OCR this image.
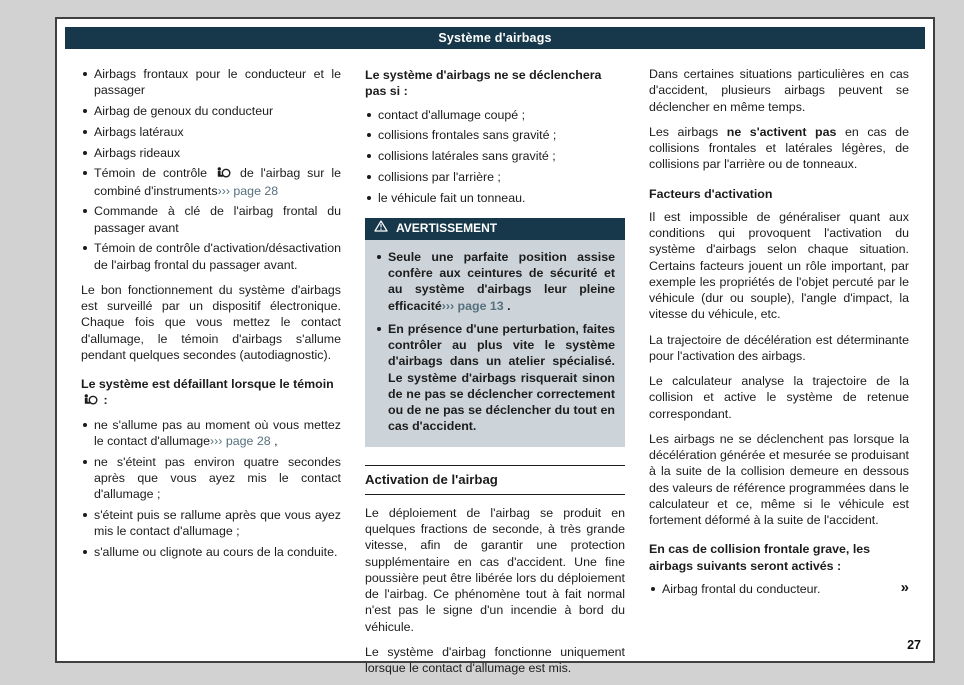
Système d'airbags
Airbags frontaux pour le conducteur et le passager
Airbag de genoux du conducteur
Airbags latéraux
Airbags rideaux
Témoin de contrôle  de l'airbag sur le combiné d'instruments››› page 28
Commande à clé de l'airbag frontal du passager avant
Témoin de contrôle d'activation/désactivation de l'airbag frontal du passager avant.

Le bon fonctionnement du système d'airbags est surveillé par un dispositif électronique. Chaque fois que vous mettez le contact d'allumage, le témoin d'airbags s'allume pendant quelques secondes (autodiagnostic).

Le système est défaillant lorsque le témoin  :

ne s'allume pas au moment où vous mettez le contact d'allumage››› page 28 ,
ne s'éteint pas environ quatre secondes après que vous ayez mis le contact d'allumage ;
s'éteint puis se rallume après que vous ayez mis le contact d'allumage ;
s'allume ou clignote au cours de la conduite.

Le système d'airbags ne se déclenchera pas si :

contact d'allumage coupé ;
collisions frontales sans gravité ;
collisions latérales sans gravité ;
collisions par l'arrière ;
le véhicule fait un tonneau.
AVERTISSEMENT
Seule une parfaite position assise confère aux ceintures de sécurité et au système d'airbags leur pleine efficacité››› page 13 .
En présence d'une perturbation, faites contrôler au plus vite le système d'airbags dans un atelier spécialisé. Le système d'airbags risquerait sinon de ne pas se déclencher correctement ou de ne pas se déclencher du tout en cas d'accident.
Activation de l'airbag

Le déploiement de l'airbag se produit en quelques fractions de seconde, à très grande vitesse, afin de garantir une protection supplémentaire en cas d'accident. Une fine poussière peut être libérée lors du déploiement de l'airbag. Ce phénomène tout à fait normal n'est pas le signe d'un incendie à bord du véhicule.

Le système d'airbag fonctionne uniquement lorsque le contact d'allumage est mis.

Dans certaines situations particulières en cas d'accident, plusieurs airbags peuvent se déclencher en même temps.

Les airbags ne s'activent pas en cas de collisions frontales et latérales légères, de collisions par l'arrière ou de tonneaux.

Facteurs d'activation

Il est impossible de généraliser quant aux conditions qui provoquent l'activation du système d'airbags selon chaque situation. Certains facteurs jouent un rôle important, par exemple les propriétés de l'objet percuté par le véhicule (dur ou souple), l'angle d'impact, la vitesse du véhicule, etc.

La trajectoire de décélération est déterminante pour l'activation des airbags.

Le calculateur analyse la trajectoire de la collision et active le système de retenue correspondant.

Les airbags ne se déclenchent pas lorsque la décélération générée et mesurée se produisant à la suite de la collision demeure en dessous des valeurs de référence programmées dans le calculateur et ce, même si le véhicule est fortement déformé à la suite de l'accident.

En cas de collision frontale grave, les airbags suivants seront activés :

Airbag frontal du conducteur.	»
27
